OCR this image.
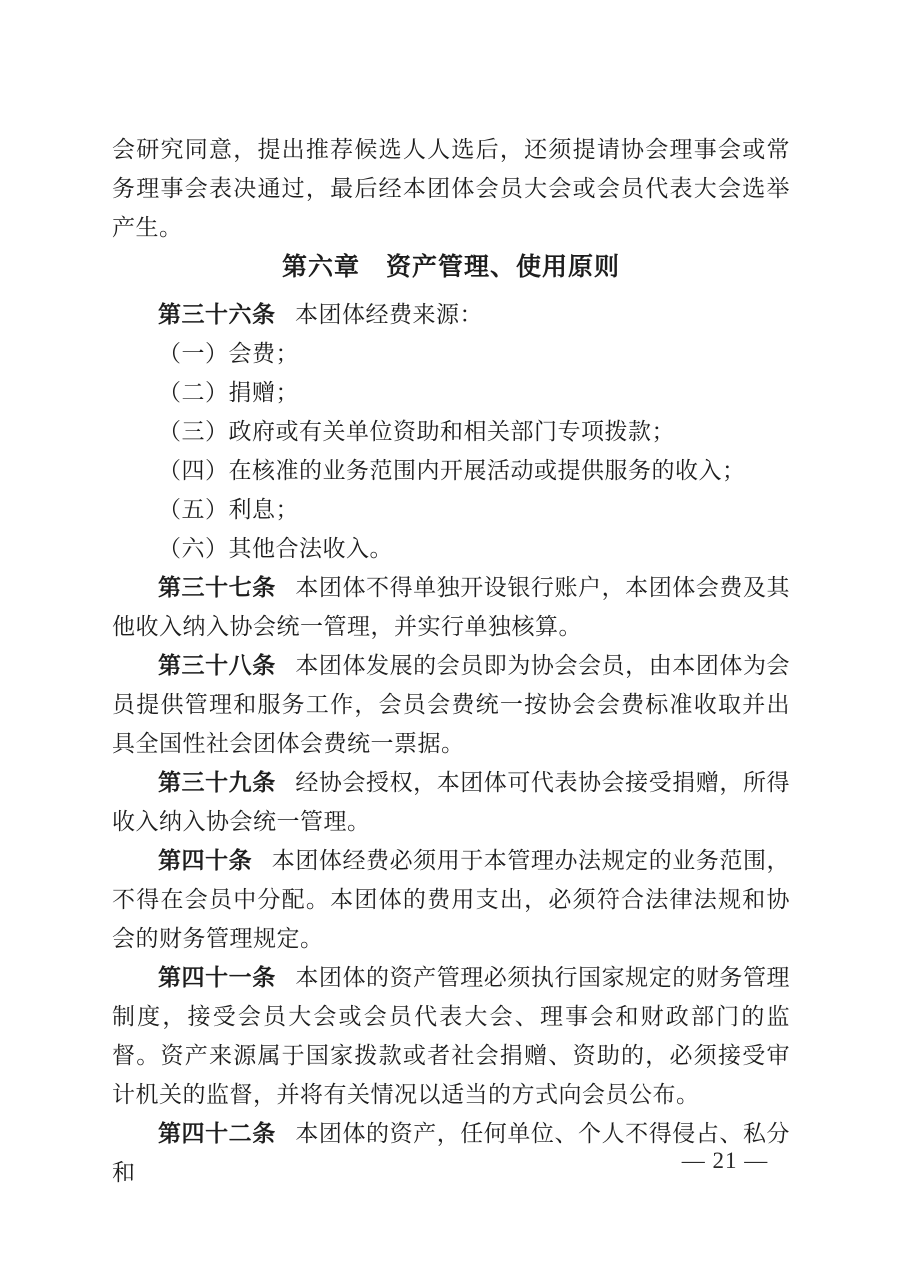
会研究同意，提出推荐候选人人选后，还须提请协会理事会或常务理事会表决通过，最后经本团体会员大会或会员代表大会选举产生。

第六章　资产管理、使用原则

第三十六条 本团体经费来源：

（一）会费；

（二）捐赠；

（三）政府或有关单位资助和相关部门专项拨款；

（四）在核准的业务范围内开展活动或提供服务的收入；

（五）利息；

（六）其他合法收入。

第三十七条 本团体不得单独开设银行账户，本团体会费及其他收入纳入协会统一管理，并实行单独核算。

第三十八条 本团体发展的会员即为协会会员，由本团体为会员提供管理和服务工作，会员会费统一按协会会费标准收取并出具全国性社会团体会费统一票据。

第三十九条 经协会授权，本团体可代表协会接受捐赠，所得收入纳入协会统一管理。

第四十条 本团体经费必须用于本管理办法规定的业务范围，不得在会员中分配。本团体的费用支出，必须符合法律法规和协会的财务管理规定。

第四十一条 本团体的资产管理必须执行国家规定的财务管理制度，接受会员大会或会员代表大会、理事会和财政部门的监督。资产来源属于国家拨款或者社会捐赠、资助的，必须接受审计机关的监督，并将有关情况以适当的方式向会员公布。

第四十二条 本团体的资产，任何单位、个人不得侵占、私分和	— 21 —
